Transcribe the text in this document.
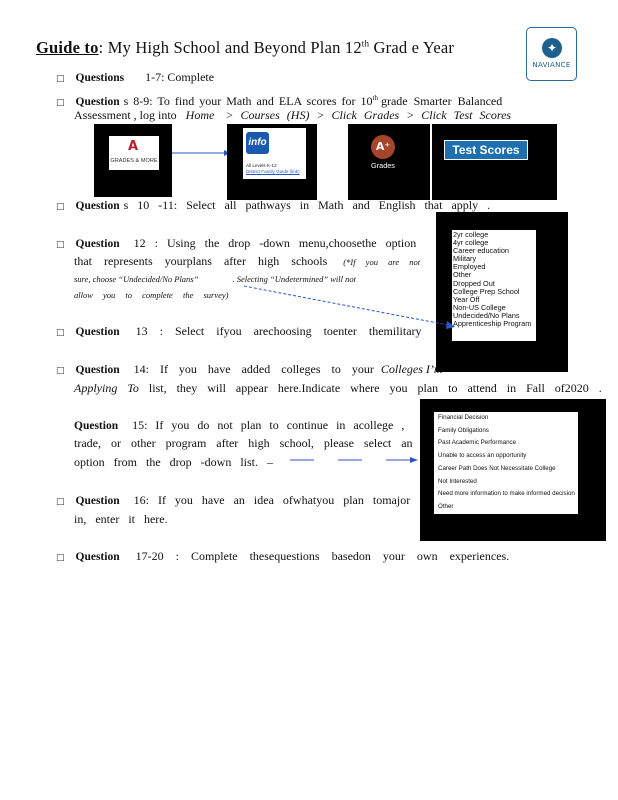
Guide to: My High School and Beyond Plan 12th Grad e Year	✦
NAVIANCE
□ Questions 1-7: Complete
□ Question s 8-9: To find your Math and ELA scores for 10th grade Smarter Balanced
Assessment , log into Home > Courses (HS) > Click Grades > Click Test Scores
A
GRADES & MORE
info
All Levels K-12
District Family Guide (link)
A⁺
Grades
Test Scores
□ Question s 10 -11: Select all pathways in Math and English that apply .
□ Question 12 : Using the drop -down menu,choosethe option
that represents yourplans after high schools (*If you are not
sure, choose “Undecided/No Plans”	. Selecting “Undetermined” will not
allow you to complete the survey)
2yr college
4yr college
Career education
Military
Employed
Other
Dropped Out
College Prep School
Year Off
Non-US College
Undecided/No Plans
Apprenticeship Program
□ Question 13 : Select ifyou arechoosing toenter themilitary
□ Question 14: If you have added colleges to your Colleges I’m
Applying To list, they will appear here.Indicate where you plan to attend in Fall of2020 .
Question 15: If you do not plan to continue in acollege ,
trade, or other program after high school, please select an
option from the drop -down list. –
Financial Decision
Family Obligations
Past Academic Performance
Unable to access an opportunity
Career Path Does Not Necessitate College
Not Interested
Need more information to make informed decision
Other
□ Question 16: If you have an idea ofwhatyou plan tomajor
in, enter it here.
□ Question 17-20 : Complete thesequestions basedon your own experiences.
